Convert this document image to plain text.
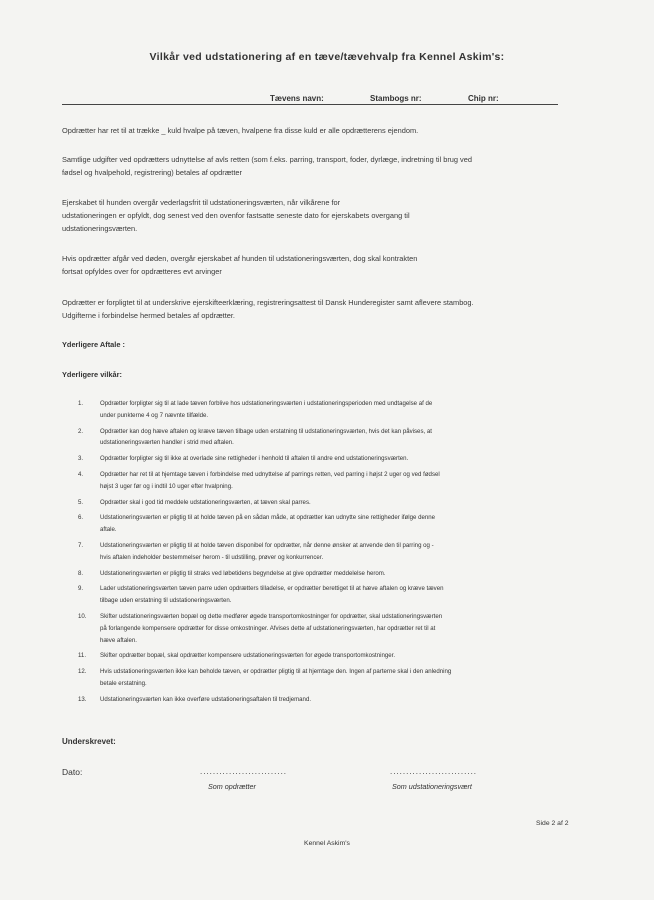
Vilkår ved udstationering af en tæve/tævehvalp fra Kennel Askim's:
Tævens navn:	Stambogs nr:	Chip nr:
Opdrætter har ret til at trække _ kuld hvalpe på tæven, hvalpene fra disse kuld er alle opdrætterens ejendom.
Samtlige udgifter ved opdrætters udnyttelse af avls retten (som f.eks. parring, transport, foder, dyrlæge, indretning til brug ved
fødsel og hvalpehold, registrering) betales af opdrætter
Ejerskabet til hunden overgår vederlagsfrit til udstationeringsværten, når vilkårene for
udstationeringen er opfyldt, dog senest ved den ovenfor fastsatte seneste dato for ejerskabets overgang til
udstationeringsværten.
Hvis opdrætter afgår ved døden, overgår ejerskabet af hunden til udstationeringsværten, dog skal kontrakten
fortsat opfyldes over for opdrætteres evt arvinger
Opdrætter er forpligtet til at underskrive ejerskifteerklæring, registreringsattest til Dansk Hunderegister samt aflevere stambog.
Udgifterne i forbindelse hermed betales af opdrætter.
Yderligere Aftale :
Yderligere vilkår:
1.	Opdrætter forpligter sig til at lade tæven forblive hos udstationeringsværten i udstationeringsperioden med undtagelse af de
under punkterne 4 og 7 nævnte tilfælde.
2.	Opdrætter kan dog hæve aftalen og kræve tæven tilbage uden erstatning til udstationeringsværten, hvis det kan påvises, at
udstationeringsværten handler i strid med aftalen.
3.	Opdrætter forpligter sig til ikke at overlade sine rettigheder i henhold til aftalen til andre end udstationeringsværten.
4.	Opdrætter har ret til at hjemtage tæven i forbindelse med udnyttelse af parrings retten, ved parring i højst 2 uger og ved fødsel
højst 3 uger før og i indtil 10 uger efter hvalpning.
5.	Opdrætter skal i god tid meddele udstationeringsværten, at tæven skal parres.
6.	Udstationeringsværten er pligtig til at holde tæven på en sådan måde, at opdrætter kan udnytte sine rettigheder ifølge denne
aftale.
7.	Udstationeringsværten er pligtig til at holde tæven disponibel for opdrætter, når denne ønsker at anvende den til parring og -
hvis aftalen indeholder bestemmelser herom - til udstilling, prøver og konkurrencer.
8.	Udstationeringsværten er pligtig til straks ved løbetidens begyndelse at give opdrætter meddelelse herom.
9.	Lader udstationeringsværten tæven parre uden opdrætters tilladelse, er opdrætter berettiget til at hæve aftalen og kræve tæven
tilbage uden erstatning til udstationeringsværten.
10. Skifter udstationeringsværten bopæl og dette medfører øgede transportomkostninger for opdrætter, skal udstationeringsværten
på forlangende kompensere opdrætter for disse omkostninger. Afvises dette af udstationeringsværten, har opdrætter ret til at
hæve aftalen.
11. Skifter opdrætter bopæl, skal opdrætter kompensere udstationeringsværten for øgede transportomkostninger.
12. Hvis udstationeringsværten ikke kan beholde tæven, er opdrætter pligtig til at hjemtage den. Ingen af parterne skal i den anledning
betale erstatning.
13. Udstationeringsværten kan ikke overføre udstationeringsaftalen til tredjemand.
Underskrevet:
Dato:	...........................	...........................
Som opdrætter	Som udstationeringsvært
Side 2 af 2
Kennel Askim's
